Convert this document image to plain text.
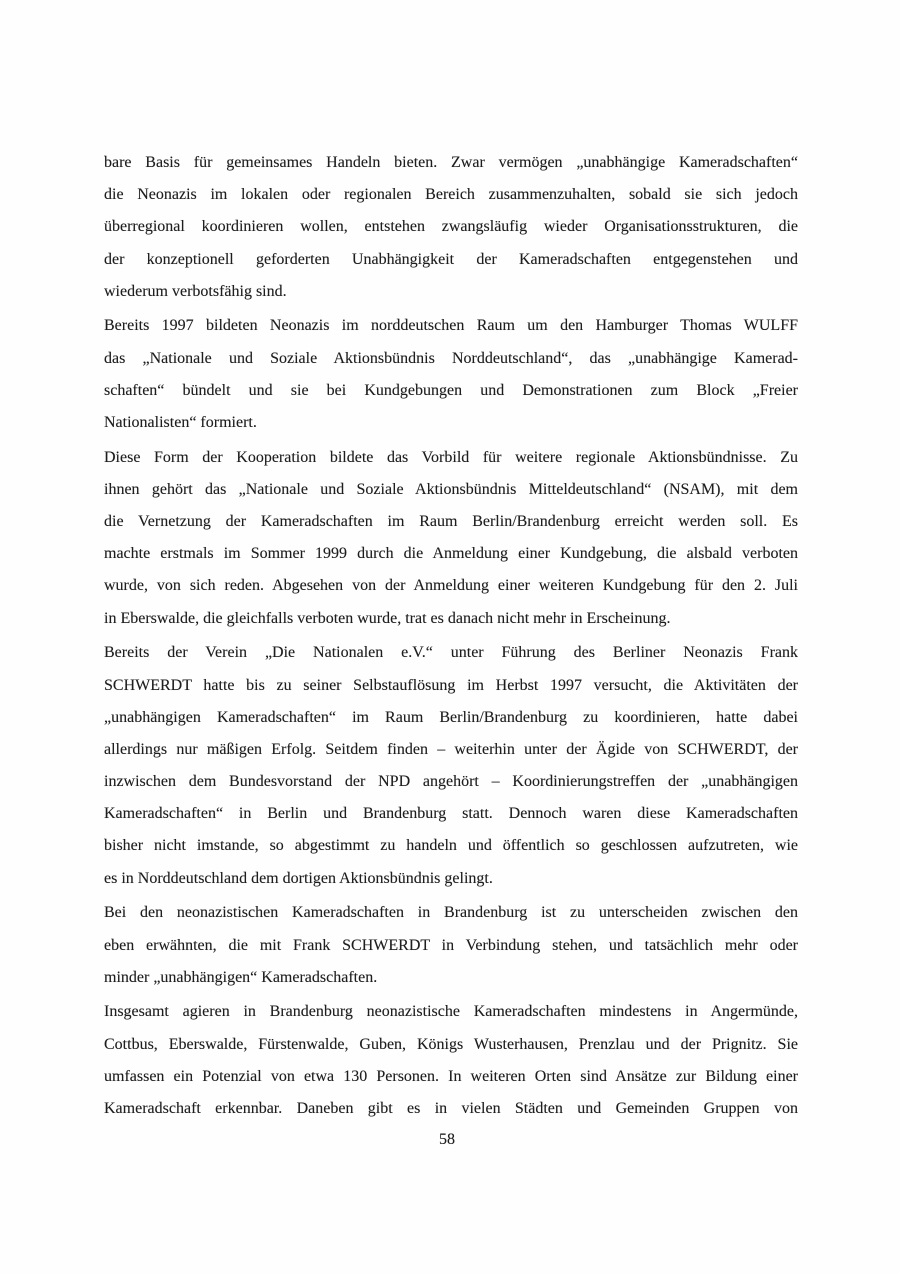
bare Basis für gemeinsames Handeln bieten. Zwar vermögen „unabhängige Kameradschaften“
die Neonazis im lokalen oder regionalen Bereich zusammenzuhalten, sobald sie sich jedoch
überregional koordinieren wollen, entstehen zwangsläufig wieder Organisationsstrukturen, die
der konzeptionell geforderten Unabhängigkeit der Kameradschaften entgegenstehen und
wiederum verbotsfähig sind.

Bereits 1997 bildeten Neonazis im norddeutschen Raum um den Hamburger Thomas WULFF
das „Nationale und Soziale Aktionsbündnis Norddeutschland“, das „unabhängige Kamerad-
schaften“ bündelt und sie bei Kundgebungen und Demonstrationen zum Block „Freier
Nationalisten“ formiert.

Diese Form der Kooperation bildete das Vorbild für weitere regionale Aktionsbündnisse. Zu
ihnen gehört das „Nationale und Soziale Aktionsbündnis Mitteldeutschland“ (NSAM), mit dem
die Vernetzung der Kameradschaften im Raum Berlin/Brandenburg erreicht werden soll. Es
machte erstmals im Sommer 1999 durch die Anmeldung einer Kundgebung, die alsbald verboten
wurde, von sich reden. Abgesehen von der Anmeldung einer weiteren Kundgebung für den 2. Juli
in Eberswalde, die gleichfalls verboten wurde, trat es danach nicht mehr in Erscheinung.

Bereits der Verein „Die Nationalen e.V.“ unter Führung des Berliner Neonazis Frank
SCHWERDT hatte bis zu seiner Selbstauflösung im Herbst 1997 versucht, die Aktivitäten der
„unabhängigen Kameradschaften“ im Raum Berlin/Brandenburg zu koordinieren, hatte dabei
allerdings nur mäßigen Erfolg. Seitdem finden – weiterhin unter der Ägide von SCHWERDT, der
inzwischen dem Bundesvorstand der NPD angehört – Koordinierungstreffen der „unabhängigen
Kameradschaften“ in Berlin und Brandenburg statt. Dennoch waren diese Kameradschaften
bisher nicht imstande, so abgestimmt zu handeln und öffentlich so geschlossen aufzutreten, wie
es in Norddeutschland dem dortigen Aktionsbündnis gelingt.

Bei den neonazistischen Kameradschaften in Brandenburg ist zu unterscheiden zwischen den
eben erwähnten, die mit Frank SCHWERDT in Verbindung stehen, und tatsächlich mehr oder
minder „unabhängigen“ Kameradschaften.

Insgesamt agieren in Brandenburg neonazistische Kameradschaften mindestens in Angermünde,
Cottbus, Eberswalde, Fürstenwalde, Guben, Königs Wusterhausen, Prenzlau und der Prignitz. Sie
umfassen ein Potenzial von etwa 130 Personen. In weiteren Orten sind Ansätze zur Bildung einer
Kameradschaft erkennbar. Daneben gibt es in vielen Städten und Gemeinden Gruppen von

58
